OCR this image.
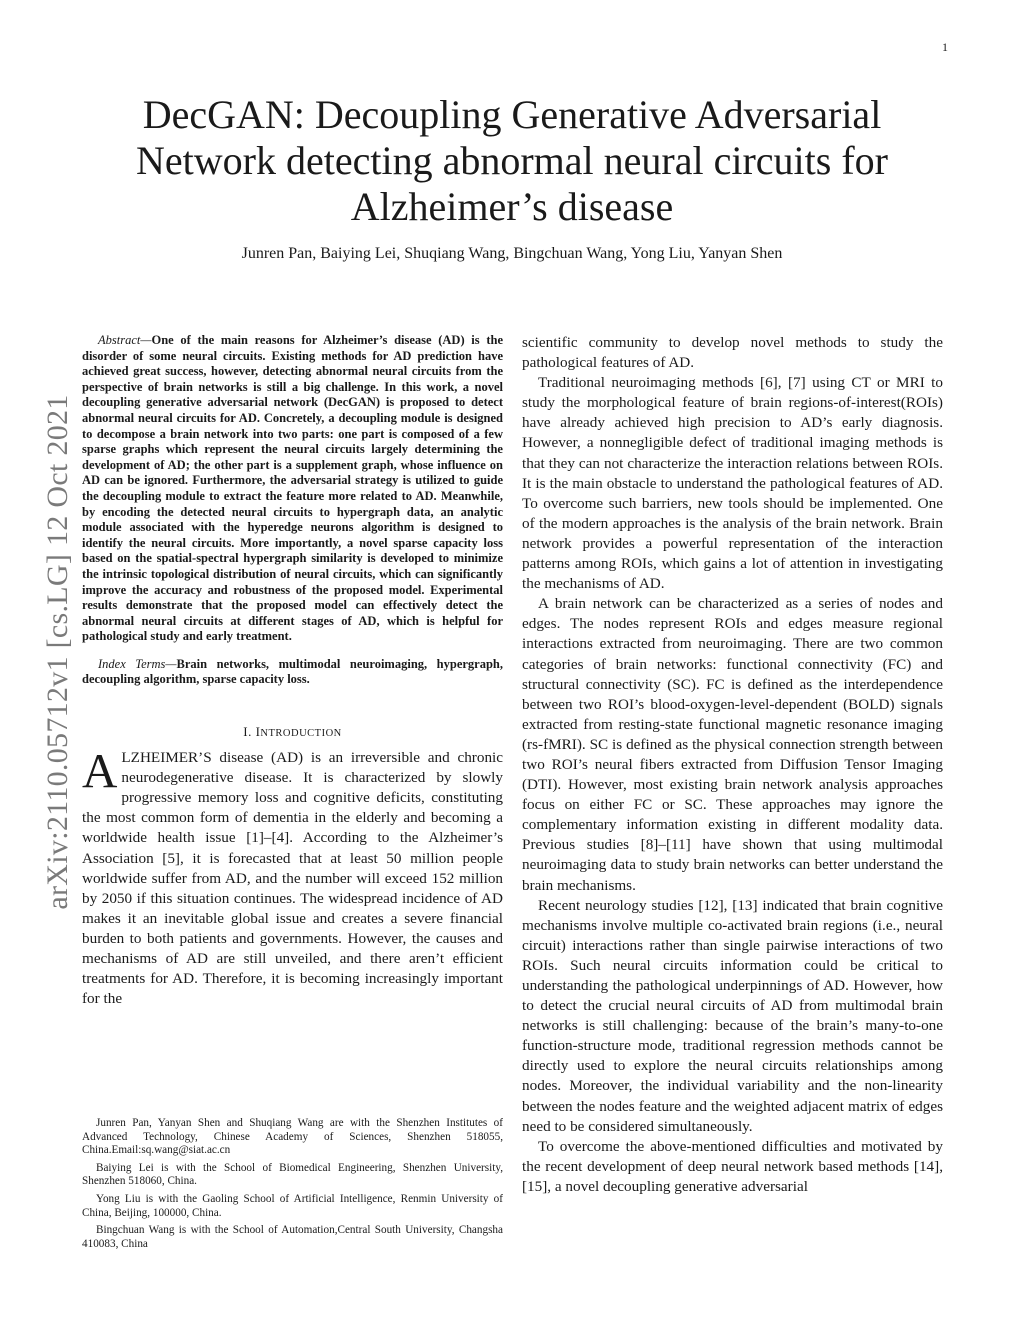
1
arXiv:2110.05712v1 [cs.LG] 12 Oct 2021
DecGAN: Decoupling Generative Adversarial
Network detecting abnormal neural circuits for
Alzheimer’s disease
Junren Pan, Baiying Lei, Shuqiang Wang, Bingchuan Wang, Yong Liu, Yanyan Shen

Abstract—One of the main reasons for Alzheimer’s disease (AD) is the disorder of some neural circuits. Existing methods for AD prediction have achieved great success, however, detecting abnormal neural circuits from the perspective of brain networks is still a big challenge. In this work, a novel decoupling generative adversarial network (DecGAN) is proposed to detect abnormal neural circuits for AD. Concretely, a decoupling module is designed to decompose a brain network into two parts: one part is composed of a few sparse graphs which represent the neural circuits largely determining the development of AD; the other part is a supplement graph, whose influence on AD can be ignored. Furthermore, the adversarial strategy is utilized to guide the decoupling module to extract the feature more related to AD. Meanwhile, by encoding the detected neural circuits to hypergraph data, an analytic module associated with the hyperedge neurons algorithm is designed to identify the neural circuits. More importantly, a novel sparse capacity loss based on the spatial-spectral hypergraph similarity is developed to minimize the intrinsic topological distribution of neural circuits, which can significantly improve the accuracy and robustness of the proposed model. Experimental results demonstrate that the proposed model can effectively detect the abnormal neural circuits at different stages of AD, which is helpful for pathological study and early treatment.

Index Terms—Brain networks, multimodal neuroimaging, hypergraph, decoupling algorithm, sparse capacity loss.

I. INTRODUCTION

ALZHEIMER’S disease (AD) is an irreversible and chronic neurodegenerative disease. It is characterized by slowly progressive memory loss and cognitive deficits, constituting the most common form of dementia in the elderly and becoming a worldwide health issue [1]–[4]. According to the Alzheimer’s Association [5], it is forecasted that at least 50 million people worldwide suffer from AD, and the number will exceed 152 million by 2050 if this situation continues. The widespread incidence of AD makes it an inevitable global issue and creates a severe financial burden to both patients and governments. However, the causes and mechanisms of AD are still unveiled, and there aren’t efficient treatments for AD. Therefore, it is becoming increasingly important for the

Junren Pan, Yanyan Shen and Shuqiang Wang are with the Shenzhen Institutes of Advanced Technology, Chinese Academy of Sciences, Shenzhen 518055, China.Email:sq.wang@siat.ac.cn

Baiying Lei is with the School of Biomedical Engineering, Shenzhen University, Shenzhen 518060, China.

Yong Liu is with the Gaoling School of Artificial Intelligence, Renmin University of China, Beijing, 100000, China.

Bingchuan Wang is with the School of Automation,Central South University, Changsha 410083, China

scientific community to develop novel methods to study the pathological features of AD.

Traditional neuroimaging methods [6], [7] using CT or MRI to study the morphological feature of brain regions-of-interest(ROIs) have already achieved high precision to AD’s early diagnosis. However, a nonnegligible defect of traditional imaging methods is that they can not characterize the interaction relations between ROIs. It is the main obstacle to understand the pathological features of AD. To overcome such barriers, new tools should be implemented. One of the modern approaches is the analysis of the brain network. Brain network provides a powerful representation of the interaction patterns among ROIs, which gains a lot of attention in investigating the mechanisms of AD.

A brain network can be characterized as a series of nodes and edges. The nodes represent ROIs and edges measure regional interactions extracted from neuroimaging. There are two common categories of brain networks: functional connectivity (FC) and structural connectivity (SC). FC is defined as the interdependence between two ROI’s blood-oxygen-level-dependent (BOLD) signals extracted from resting-state functional magnetic resonance imaging (rs-fMRI). SC is defined as the physical connection strength between two ROI’s neural fibers extracted from Diffusion Tensor Imaging (DTI). However, most existing brain network analysis approaches focus on either FC or SC. These approaches may ignore the complementary information existing in different modality data. Previous studies [8]–[11] have shown that using multimodal neuroimaging data to study brain networks can better understand the brain mechanisms.

Recent neurology studies [12], [13] indicated that brain cognitive mechanisms involve multiple co-activated brain regions (i.e., neural circuit) interactions rather than single pairwise interactions of two ROIs. Such neural circuits information could be critical to understanding the pathological underpinnings of AD. However, how to detect the crucial neural circuits of AD from multimodal brain networks is still challenging: because of the brain’s many-to-one function-structure mode, traditional regression methods cannot be directly used to explore the neural circuits relationships among nodes. Moreover, the individual variability and the non-linearity between the nodes feature and the weighted adjacent matrix of edges need to be considered simultaneously.

To overcome the above-mentioned difficulties and motivated by the recent development of deep neural network based methods [14], [15], a novel decoupling generative adversarial
